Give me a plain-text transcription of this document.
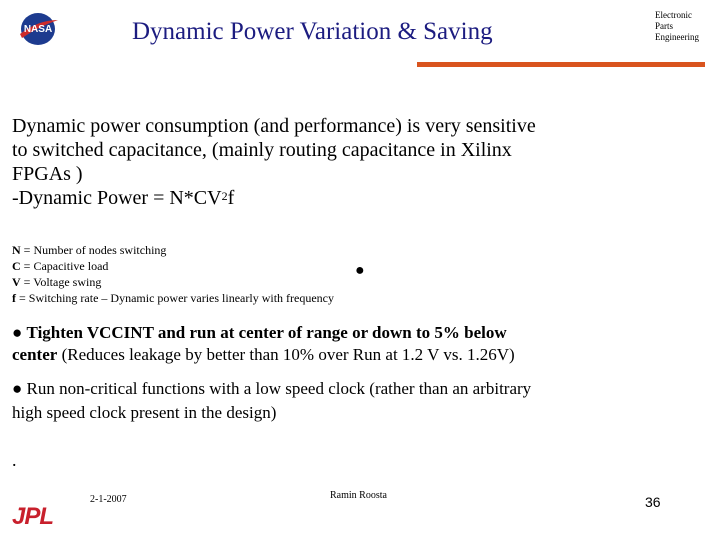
NASA	Dynamic Power Variation & Saving
Electronic
Parts
Engineering
Dynamic power consumption (and performance) is very sensitive
to switched capacitance, (mainly routing capacitance in Xilinx
FPGAs )
-Dynamic Power = $N*CV^2f$
N = Number of nodes switching
C = Capacitive load
V = Voltage swing
f = Switching rate – Dynamic power varies linearly with frequency
●
● Tighten VCCINT and run at center of range or down to 5% below
center (Reduces leakage by better than 10% over Run at 1.2 V vs. 1.26V)
● Run non-critical functions with a low speed clock (rather than an arbitrary
high speed clock present in the design)
.
2-1-2007	Ramin Roosta	36
JPL
